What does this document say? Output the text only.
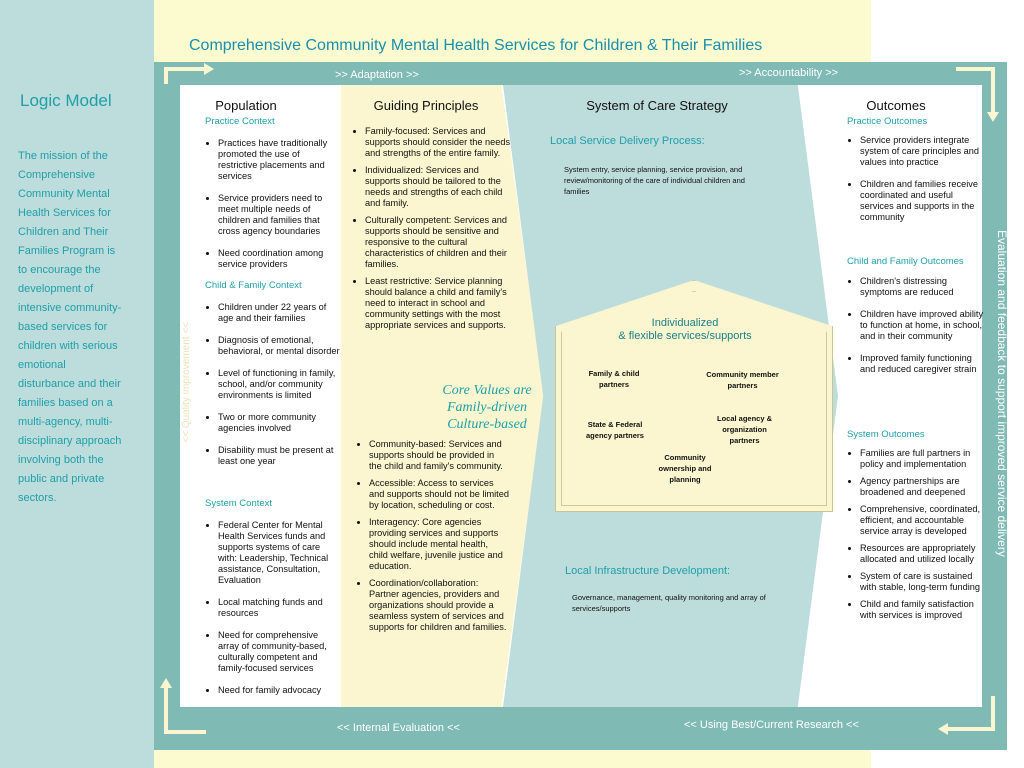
Logic Model

The mission of the Comprehensive Community Mental Health Services for Children and Their Families Program is to encourage the development of intensive community-based services for children with serious emotional disturbance and their families based on a multi-agency, multi-disciplinary approach involving both the public and private sectors.

Comprehensive Community Mental Health Services for Children & Their Families
>> Adaptation >>	>> Accountability >>
<< Internal Evaluation <<	<< Using Best/Current Research <<
Evaluation and feedback to support improved service delivery
<< Quality improvement <<
Population
Practice Context
• Practices have traditionally promoted the use of restrictive placements and services
• Service providers need to meet multiple needs of children and families that cross agency boundaries
• Need coordination among service providers
Child & Family Context
• Children under 22 years of age and their families
• Diagnosis of emotional, behavioral, or mental disorder
• Level of functioning in family, school, and/or community environments is limited
• Two or more community agencies involved
• Disability must be present at least one year
System Context
• Federal Center for Mental Health Services funds and supports systems of care with: Leadership, Technical assistance, Consultation, Evaluation
• Local matching funds and resources
• Need for comprehensive array of community-based, culturally competent and family-focused services
• Need for family advocacy
Guiding Principles
• Family-focused: Services and supports should consider the needs and strengths of the entire family.
• Individualized: Services and supports should be tailored to the needs and strengths of each child and family.
• Culturally competent: Services and supports should be sensitive and responsive to the cultural characteristics of children and their families.
• Least restrictive: Service planning should balance a child and family's need to interact in school and community settings with the most appropriate services and supports.
Core Values are
Family-driven
Culture-based
• Community-based: Services and supports should be provided in the child and family's community.
• Accessible: Access to services and supports should not be limited by location, scheduling or cost.
• Interagency: Core agencies providing services and supports should include mental health, child welfare, juvenile justice and education.
• Coordination/collaboration: Partner agencies, providers and organizations should provide a seamless system of services and supports for children and families.
System of Care Strategy
Local Service Delivery Process:
System entry, service planning, service provision, and review/monitoring of the care of individual children and families
Individualized
& flexible services/supports
Family & child partners
Community member partners
State & Federal agency partners
Local agency & organization partners
Community ownership and planning
Local Infrastructure Development:
Governance, management, quality monitoring and array of services/supports
Outcomes
Practice Outcomes
• Service providers integrate system of care principles and values into practice
• Children and families receive coordinated and useful services and supports in the community
Child and Family Outcomes
• Children's distressing symptoms are reduced
• Children have improved ability to function at home, in school, and in their community
• Improved family functioning and reduced caregiver strain
System Outcomes
• Families are full partners in policy and implementation
• Agency partnerships are broadened and deepened
• Comprehensive, coordinated, efficient, and accountable service array is developed
• Resources are appropriately allocated and utilized locally
• System of care is sustained with stable, long-term funding
• Child and family satisfaction with services is improved
